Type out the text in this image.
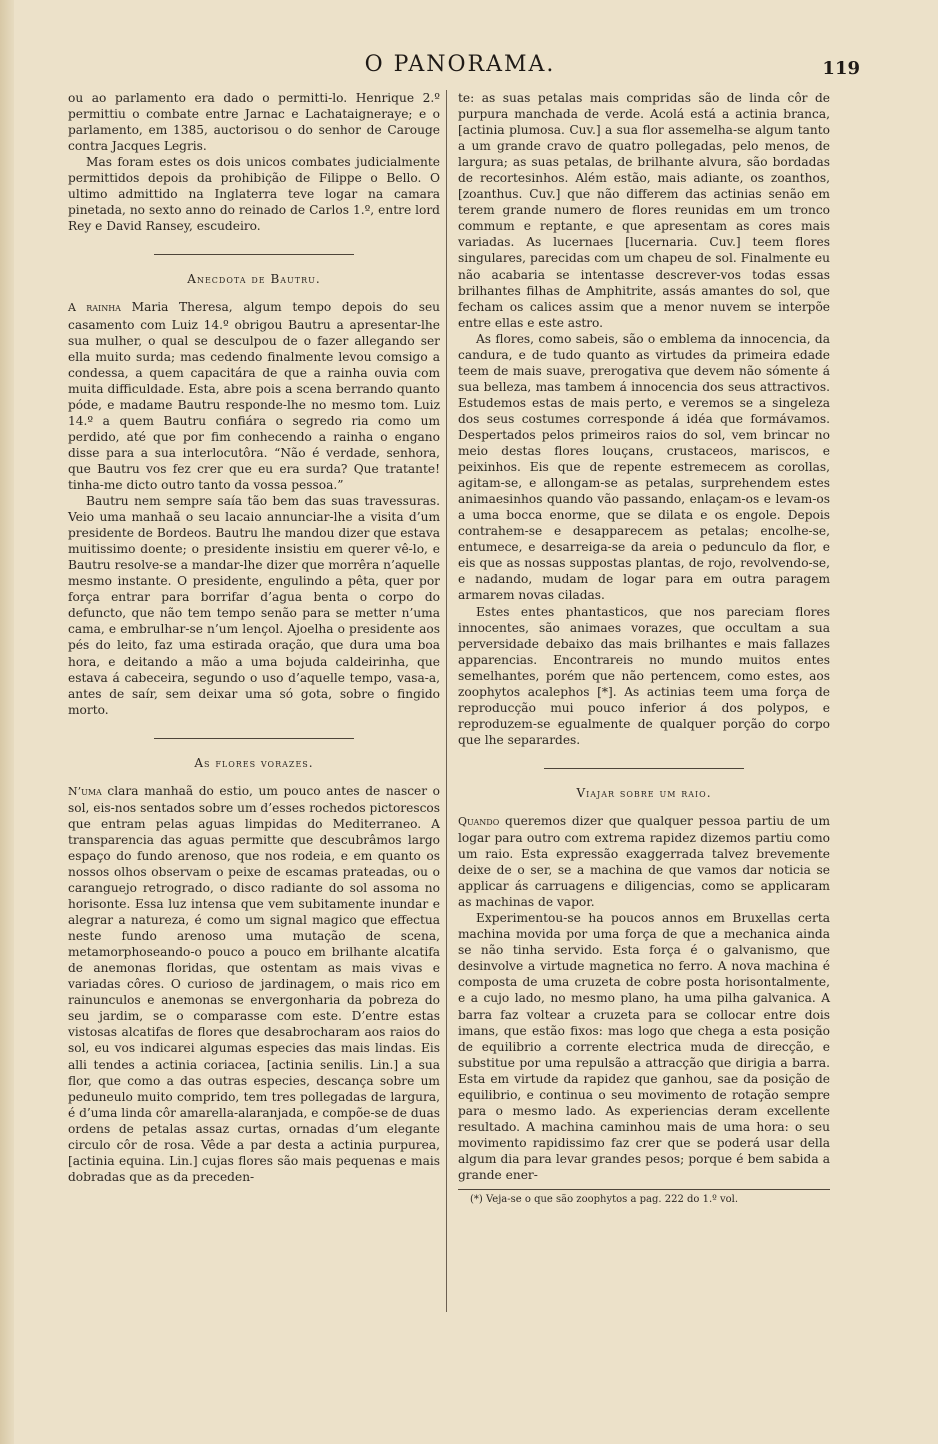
O PANORAMA.	119

ou ao parlamento era dado o permitti-lo. Henrique 2.º permittiu o combate entre Jarnac e Lachataigneraye; e o parlamento, em 1385, auctorisou o do senhor de Carouge contra Jacques Legris.

Mas foram estes os dois unicos combates judicialmente permittidos depois da prohibição de Filippe o Bello. O ultimo admittido na Inglaterra teve logar na camara pinetada, no sexto anno do reinado de Carlos 1.º, entre lord Rey e David Ransey, escudeiro.

Anecdota de Bautru.

A rainha Maria Theresa, algum tempo depois do seu casamento com Luiz 14.º obrigou Bautru a apresentar-lhe sua mulher, o qual se desculpou de o fazer allegando ser ella muito surda; mas cedendo finalmente levou comsigo a condessa, a quem capacitára de que a rainha ouvia com muita difficuldade. Esta, abre pois a scena berrando quanto póde, e madame Bautru responde-lhe no mesmo tom. Luiz 14.º a quem Bautru confiára o segredo ria como um perdido, até que por fim conhecendo a rainha o engano disse para a sua interlocutôra. “Não é verdade, senhora, que Bautru vos fez crer que eu era surda? Que tratante! tinha-me dicto outro tanto da vossa pessoa.”

Bautru nem sempre saía tão bem das suas travessuras. Veio uma manhaã o seu lacaio annunciar-lhe a visita d’um presidente de Bordeos. Bautru lhe mandou dizer que estava muitissimo doente; o presidente insistiu em querer vê-lo, e Bautru resolve-se a mandar-lhe dizer que morrêra n’aquelle mesmo instante. O presidente, engulindo a pêta, quer por força entrar para borrifar d’agua benta o corpo do defuncto, que não tem tempo senão para se metter n’uma cama, e embrulhar-se n’um lençol. Ajoelha o presidente aos pés do leito, faz uma estirada oração, que dura uma boa hora, e deitando a mão a uma bojuda caldeirinha, que estava á cabeceira, segundo o uso d’aquelle tempo, vasa-a, antes de saír, sem deixar uma só gota, sobre o fingido morto.

As flores vorazes.

N’uma clara manhaã do estio, um pouco antes de nascer o sol, eis-nos sentados sobre um d’esses rochedos pictorescos que entram pelas aguas limpidas do Mediterraneo. A transparencia das aguas permitte que descubrâmos largo espaço do fundo arenoso, que nos rodeia, e em quanto os nossos olhos observam o peixe de escamas prateadas, ou o caranguejo retrogrado, o disco radiante do sol assoma no horisonte. Essa luz intensa que vem subitamente inundar e alegrar a natureza, é como um signal magico que effectua neste fundo arenoso uma mutação de scena, metamorphoseando-o pouco a pouco em brilhante alcatifa de anemonas floridas, que ostentam as mais vivas e variadas côres. O curioso de jardinagem, o mais rico em rainunculos e anemonas se envergonharia da pobreza do seu jardim, se o comparasse com este. D’entre estas vistosas alcatifas de flores que desabrocharam aos raios do sol, eu vos indicarei algumas especies das mais lindas. Eis alli tendes a actinia coriacea, [actinia senilis. Lin.] a sua flor, que como a das outras especies, descança sobre um peduneulo muito comprido, tem tres pollegadas de largura, é d’uma linda côr amarella-alaranjada, e compõe-se de duas ordens de petalas assaz curtas, ornadas d’um elegante circulo côr de rosa. Vêde a par desta a actinia purpurea, [actinia equina. Lin.] cujas flores são mais pequenas e mais dobradas que as da preceden-

te: as suas petalas mais compridas são de linda côr de purpura manchada de verde. Acolá está a actinia branca, [actinia plumosa. Cuv.] a sua flor assemelha-se algum tanto a um grande cravo de quatro pollegadas, pelo menos, de largura; as suas petalas, de brilhante alvura, são bordadas de recortesinhos. Além estão, mais adiante, os zoanthos, [zoanthus. Cuv.] que não differem das actinias senão em terem grande numero de flores reunidas em um tronco commum e reptante, e que apresentam as cores mais variadas. As lucernaes [lucernaria. Cuv.] teem flores singulares, parecidas com um chapeu de sol. Finalmente eu não acabaria se intentasse descrever-vos todas essas brilhantes filhas de Amphitrite, assás amantes do sol, que fecham os calices assim que a menor nuvem se interpõe entre ellas e este astro.

As flores, como sabeis, são o emblema da innocencia, da candura, e de tudo quanto as virtudes da primeira edade teem de mais suave, prerogativa que devem não sómente á sua belleza, mas tambem á innocencia dos seus attractivos. Estudemos estas de mais perto, e veremos se a singeleza dos seus costumes corresponde á idéa que formávamos. Despertados pelos primeiros raios do sol, vem brincar no meio destas flores louçans, crustaceos, mariscos, e peixinhos. Eis que de repente estremecem as corollas, agitam-se, e allongam-se as petalas, surprehendem estes animaesinhos quando vão passando, enlaçam-os e levam-os a uma bocca enorme, que se dilata e os engole. Depois contrahem-se e desapparecem as petalas; encolhe-se, entumece, e desarreiga-se da areia o pedunculo da flor, e eis que as nossas suppostas plantas, de rojo, revolvendo-se, e nadando, mudam de logar para em outra paragem armarem novas ciladas.

Estes entes phantasticos, que nos pareciam flores innocentes, são animaes vorazes, que occultam a sua perversidade debaixo das mais brilhantes e mais fallazes apparencias. Encontrareis no mundo muitos entes semelhantes, porém que não pertencem, como estes, aos zoophytos acalephos [*]. As actinias teem uma força de reproducção mui pouco inferior á dos polypos, e reproduzem-se egualmente de qualquer porção do corpo que lhe separardes.

Viajar sobre um raio.

Quando queremos dizer que qualquer pessoa partiu de um logar para outro com extrema rapidez dizemos partiu como um raio. Esta expressão exaggerrada talvez brevemente deixe de o ser, se a machina de que vamos dar noticia se applicar ás carruagens e diligencias, como se applicaram as machinas de vapor.

Experimentou-se ha poucos annos em Bruxellas certa machina movida por uma força de que a mechanica ainda se não tinha servido. Esta força é o galvanismo, que desinvolve a virtude magnetica no ferro. A nova machina é composta de uma cruzeta de cobre posta horisontalmente, e a cujo lado, no mesmo plano, ha uma pilha galvanica. A barra faz voltear a cruzeta para se collocar entre dois imans, que estão fixos: mas logo que chega a esta posição de equilibrio a corrente electrica muda de direcção, e substitue por uma repulsão a attracção que dirigia a barra. Esta em virtude da rapidez que ganhou, sae da posição de equilibrio, e continua o seu movimento de rotação sempre para o mesmo lado. As experiencias deram excellente resultado. A machina caminhou mais de uma hora: o seu movimento rapidissimo faz crer que se poderá usar della algum dia para levar grandes pesos; porque é bem sabida a grande ener-

(*) Veja-se o que são zoophytos a pag. 222 do 1.º vol.
